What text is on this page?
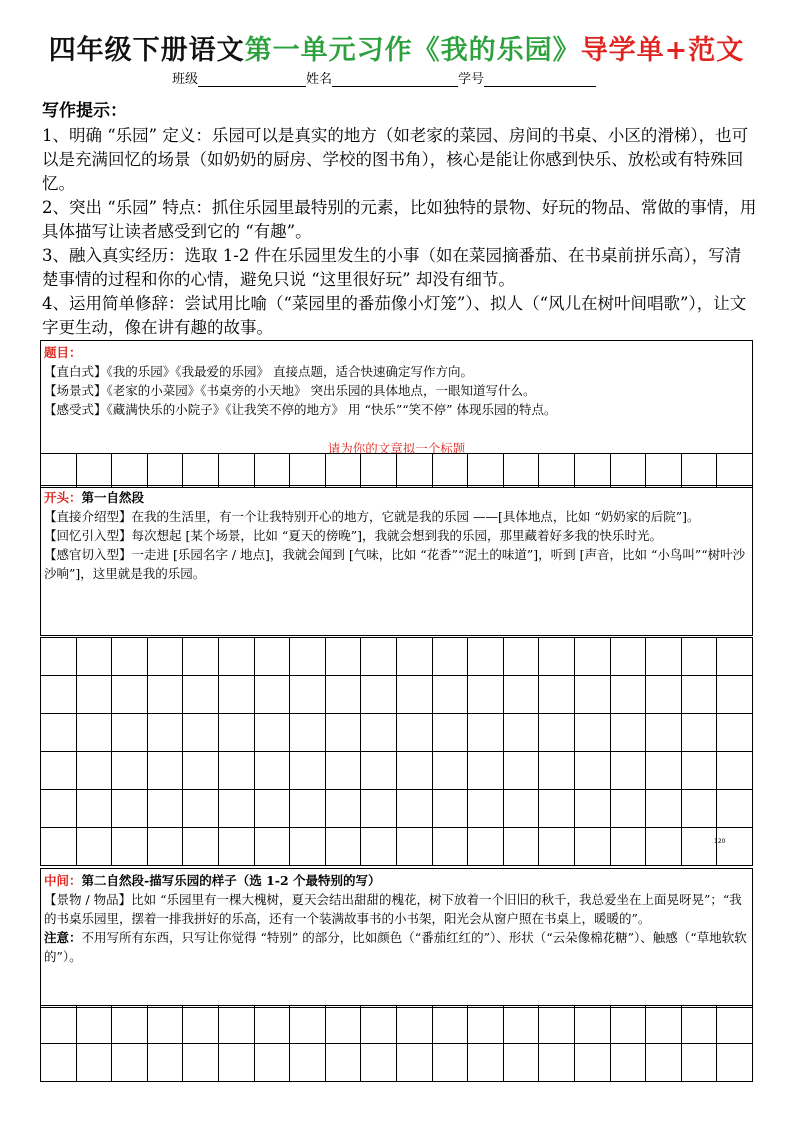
四年级下册语文第一单元习作《我的乐园》导学单+范文
班级	姓名	学号
写作提示：

1、明确 “乐园” 定义：乐园可以是真实的地方（如老家的菜园、房间的书桌、小区的滑梯），也可以是充满回忆的场景（如奶奶的厨房、学校的图书角），核心是能让你感到快乐、放松或有特殊回忆。

2、突出 “乐园” 特点：抓住乐园里最特别的元素，比如独特的景物、好玩的物品、常做的事情，用具体描写让读者感受到它的 “有趣”。

3、融入真实经历：选取 1-2 件在乐园里发生的小事（如在菜园摘番茄、在书桌前拼乐高），写清楚事情的过程和你的心情，避免只说 “这里很好玩” 却没有细节。

4、运用简单修辞：尝试用比喻（“菜园里的番茄像小灯笼”）、拟人（“风儿在树叶间唱歌”），让文字更生动，像在讲有趣的故事。

题目：
【直白式】《我的乐园》《我最爱的乐园》 直接点题，适合快速确定写作方向。
【场景式】《老家的小菜园》《书桌旁的小天地》 突出乐园的具体地点，一眼知道写什么。
【感受式】《藏满快乐的小院子》《让我笑不停的地方》 用 “快乐”“笑不停” 体现乐园的特点。
请为你的文章拟一个标题
开头：第一自然段
【直接介绍型】在我的生活里，有一个让我特别开心的地方，它就是我的乐园 ——[具体地点，比如 “奶奶家的后院”]。
【回忆引入型】每次想起 [某个场景，比如 “夏天的傍晚”]，我就会想到我的乐园，那里藏着好多我的快乐时光。
【感官切入型】一走进 [乐园名字 / 地点]，我就会闻到 [气味，比如 “花香”“泥土的味道”]，听到 [声音，比如 “小鸟叫”“树叶沙沙响”]，这里就是我的乐园。
120
中间：第二自然段-描写乐园的样子（选 1-2 个最特别的写）
【景物 / 物品】比如 “乐园里有一棵大槐树，夏天会结出甜甜的槐花，树下放着一个旧旧的秋千，我总爱坐在上面晃呀晃”；“我的书桌乐园里，摆着一排我拼好的乐高，还有一个装满故事书的小书架，阳光会从窗户照在书桌上，暖暖的”。
注意：不用写所有东西，只写让你觉得 “特别” 的部分，比如颜色（“番茄红红的”）、形状（“云朵像棉花糖”）、触感（“草地软软的”）。
